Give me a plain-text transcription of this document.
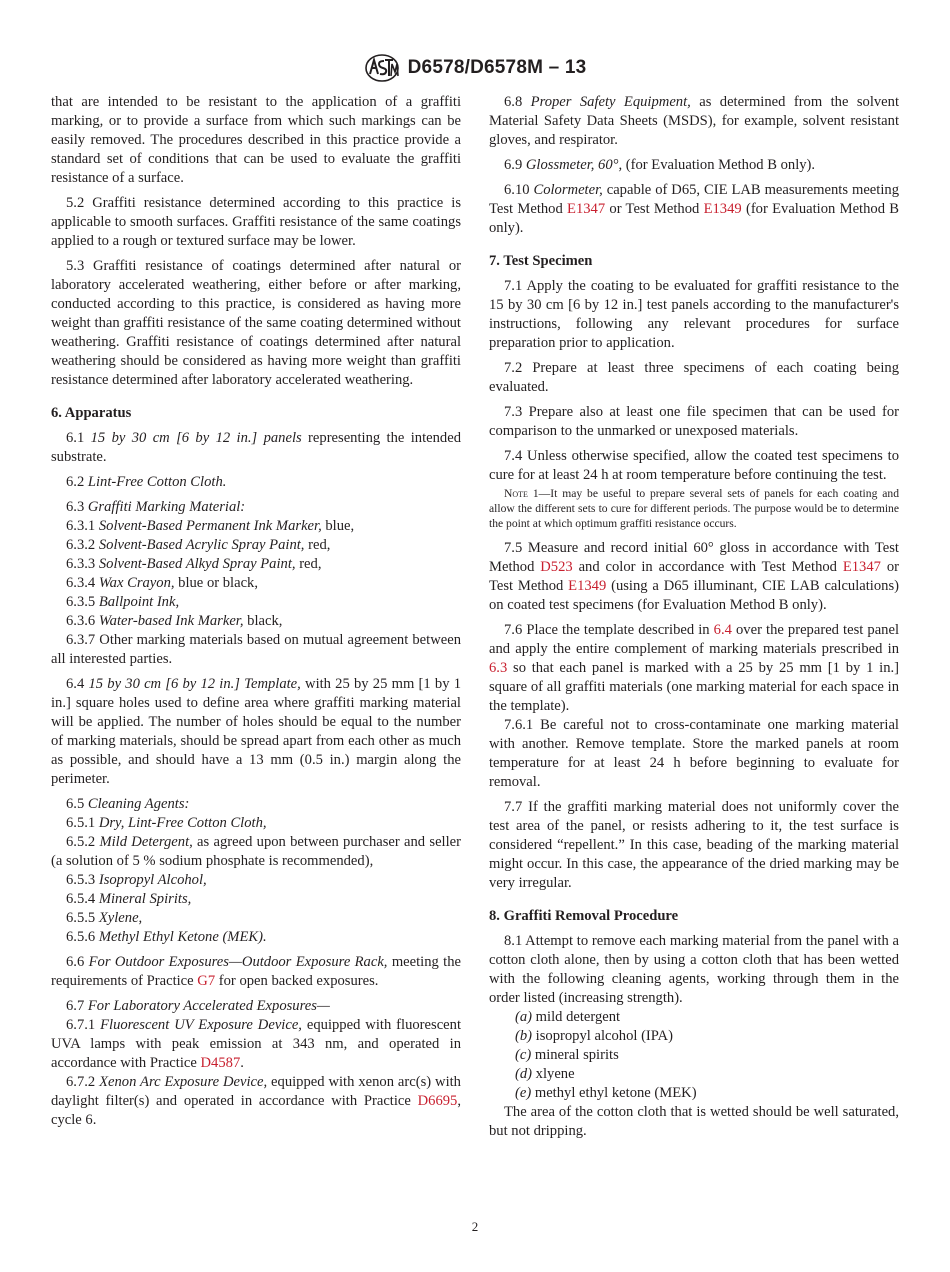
D6578/D6578M – 13

that are intended to be resistant to the application of a graffiti marking, or to provide a surface from which such markings can be easily removed. The procedures described in this practice provide a standard set of conditions that can be used to evaluate the graffiti resistance of a surface.

5.2 Graffiti resistance determined according to this practice is applicable to smooth surfaces. Graffiti resistance of the same coatings applied to a rough or textured surface may be lower.

5.3 Graffiti resistance of coatings determined after natural or laboratory accelerated weathering, either before or after marking, conducted according to this practice, is considered as having more weight than graffiti resistance of the same coating determined without weathering. Graffiti resistance of coatings determined after natural weathering should be considered as having more weight than graffiti resistance determined after laboratory accelerated weathering.

6. Apparatus

6.1 15 by 30 cm [6 by 12 in.] panels representing the intended substrate.

6.2 Lint-Free Cotton Cloth.

6.3 Graffiti Marking Material:

6.3.1 Solvent-Based Permanent Ink Marker, blue,

6.3.2 Solvent-Based Acrylic Spray Paint, red,

6.3.3 Solvent-Based Alkyd Spray Paint, red,

6.3.4 Wax Crayon, blue or black,

6.3.5 Ballpoint Ink,

6.3.6 Water-based Ink Marker, black,

6.3.7 Other marking materials based on mutual agreement between all interested parties.

6.4 15 by 30 cm [6 by 12 in.] Template, with 25 by 25 mm [1 by 1 in.] square holes used to define area where graffiti marking material will be applied. The number of holes should be equal to the number of marking materials, should be spread apart from each other as much as possible, and should have a 13 mm (0.5 in.) margin along the perimeter.

6.5 Cleaning Agents:

6.5.1 Dry, Lint-Free Cotton Cloth,

6.5.2 Mild Detergent, as agreed upon between purchaser and seller (a solution of 5 % sodium phosphate is recommended),

6.5.3 Isopropyl Alcohol,

6.5.4 Mineral Spirits,

6.5.5 Xylene,

6.5.6 Methyl Ethyl Ketone (MEK).

6.6 For Outdoor Exposures—Outdoor Exposure Rack, meeting the requirements of Practice G7 for open backed exposures.

6.7 For Laboratory Accelerated Exposures—

6.7.1 Fluorescent UV Exposure Device, equipped with fluorescent UVA lamps with peak emission at 343 nm, and operated in accordance with Practice D4587.

6.7.2 Xenon Arc Exposure Device, equipped with xenon arc(s) with daylight filter(s) and operated in accordance with Practice D6695, cycle 6.

6.8 Proper Safety Equipment, as determined from the solvent Material Safety Data Sheets (MSDS), for example, solvent resistant gloves, and respirator.

6.9 Glossmeter, 60°, (for Evaluation Method B only).

6.10 Colormeter, capable of D65, CIE LAB measurements meeting Test Method E1347 or Test Method E1349 (for Evaluation Method B only).

7. Test Specimen

7.1 Apply the coating to be evaluated for graffiti resistance to the 15 by 30 cm [6 by 12 in.] test panels according to the manufacturer's instructions, following any relevant procedures for surface preparation prior to application.

7.2 Prepare at least three specimens of each coating being evaluated.

7.3 Prepare also at least one file specimen that can be used for comparison to the unmarked or unexposed materials.

7.4 Unless otherwise specified, allow the coated test specimens to cure for at least 24 h at room temperature before continuing the test.

Note 1—It may be useful to prepare several sets of panels for each coating and allow the different sets to cure for different periods. The purpose would be to determine the point at which optimum graffiti resistance occurs.

7.5 Measure and record initial 60° gloss in accordance with Test Method D523 and color in accordance with Test Method E1347 or Test Method E1349 (using a D65 illuminant, CIE LAB calculations) on coated test specimens (for Evaluation Method B only).

7.6 Place the template described in 6.4 over the prepared test panel and apply the entire complement of marking materials prescribed in 6.3 so that each panel is marked with a 25 by 25 mm [1 by 1 in.] square of all graffiti materials (one marking material for each space in the template).

7.6.1 Be careful not to cross-contaminate one marking material with another. Remove template. Store the marked panels at room temperature for at least 24 h before beginning to evaluate for removal.

7.7 If the graffiti marking material does not uniformly cover the test area of the panel, or resists adhering to it, the test surface is considered “repellent.” In this case, beading of the marking material might occur. In this case, the appearance of the dried marking may be very irregular.

8. Graffiti Removal Procedure

8.1 Attempt to remove each marking material from the panel with a cotton cloth alone, then by using a cotton cloth that has been wetted with the following cleaning agents, working through them in the order listed (increasing strength).

(a) mild detergent

(b) isopropyl alcohol (IPA)

(c) mineral spirits

(d) xlyene

(e) methyl ethyl ketone (MEK)

The area of the cotton cloth that is wetted should be well saturated, but not dripping.

2
